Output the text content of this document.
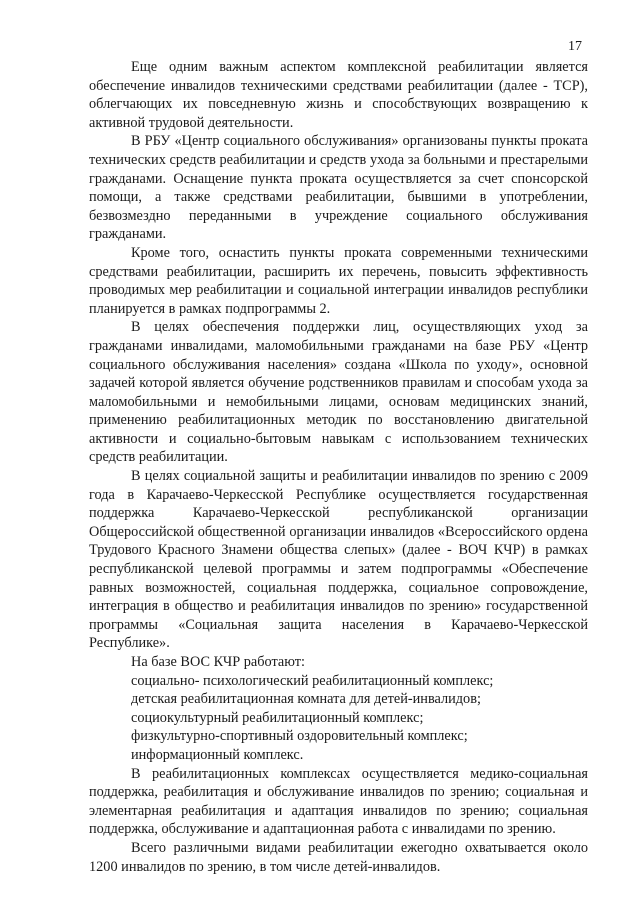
17

Еще одним важным аспектом комплексной реабилитации является обеспечение инвалидов техническими средствами реабилитации (далее - ТСР), облегчающих их повседневную жизнь и способствующих возвращению к активной трудовой деятельности.

В РБУ «Центр социального обслуживания» организованы пункты проката технических средств реабилитации и средств ухода за больными и престарелыми гражданами. Оснащение пункта проката осуществляется за счет спонсорской помощи, а также средствами реабилитации, бывшими в употреблении, безвозмездно переданными в учреждение социального обслуживания гражданами.

Кроме того, оснастить пункты проката современными техническими средствами реабилитации, расширить их перечень, повысить эффективность проводимых мер реабилитации и социальной интеграции инвалидов республики планируется в рамках подпрограммы 2.

В целях обеспечения поддержки лиц, осуществляющих уход за гражданами инвалидами, маломобильными гражданами на базе РБУ «Центр социального обслуживания населения» создана «Школа по уходу», основной задачей которой является обучение родственников правилам и способам ухода за маломобильными и немобильными лицами, основам медицинских знаний, применению реабилитационных методик по восстановлению двигательной активности и социально-бытовым навыкам с использованием технических средств реабилитации.

В целях социальной защиты и реабилитации инвалидов по зрению с 2009 года в Карачаево-Черкесской Республике осуществляется государственная поддержка Карачаево-Черкесской республиканской организации Общероссийской общественной организации инвалидов «Всероссийского ордена Трудового Красного Знамени общества слепых» (далее - ВОЧ КЧР) в рамках республиканской целевой программы и затем подпрограммы «Обеспечение равных возможностей, социальная поддержка, социальное сопровождение, интеграция в общество и реабилитация инвалидов по зрению» государственной программы «Социальная защита населения в Карачаево-Черкесской Республике».

На базе ВОС КЧР работают:

социально- психологический реабилитационный комплекс;

детская реабилитационная комната для детей-инвалидов;

социокультурный реабилитационный комплекс;

физкультурно-спортивный оздоровительный комплекс;

информационный комплекс.

В реабилитационных комплексах осуществляется медико-социальная поддержка, реабилитация и обслуживание инвалидов по зрению; социальная и элементарная реабилитация и адаптация инвалидов по зрению; социальная поддержка, обслуживание и адаптационная работа с инвалидами по зрению.

Всего различными видами реабилитации ежегодно охватывается около 1200 инвалидов по зрению, в том числе детей-инвалидов.
